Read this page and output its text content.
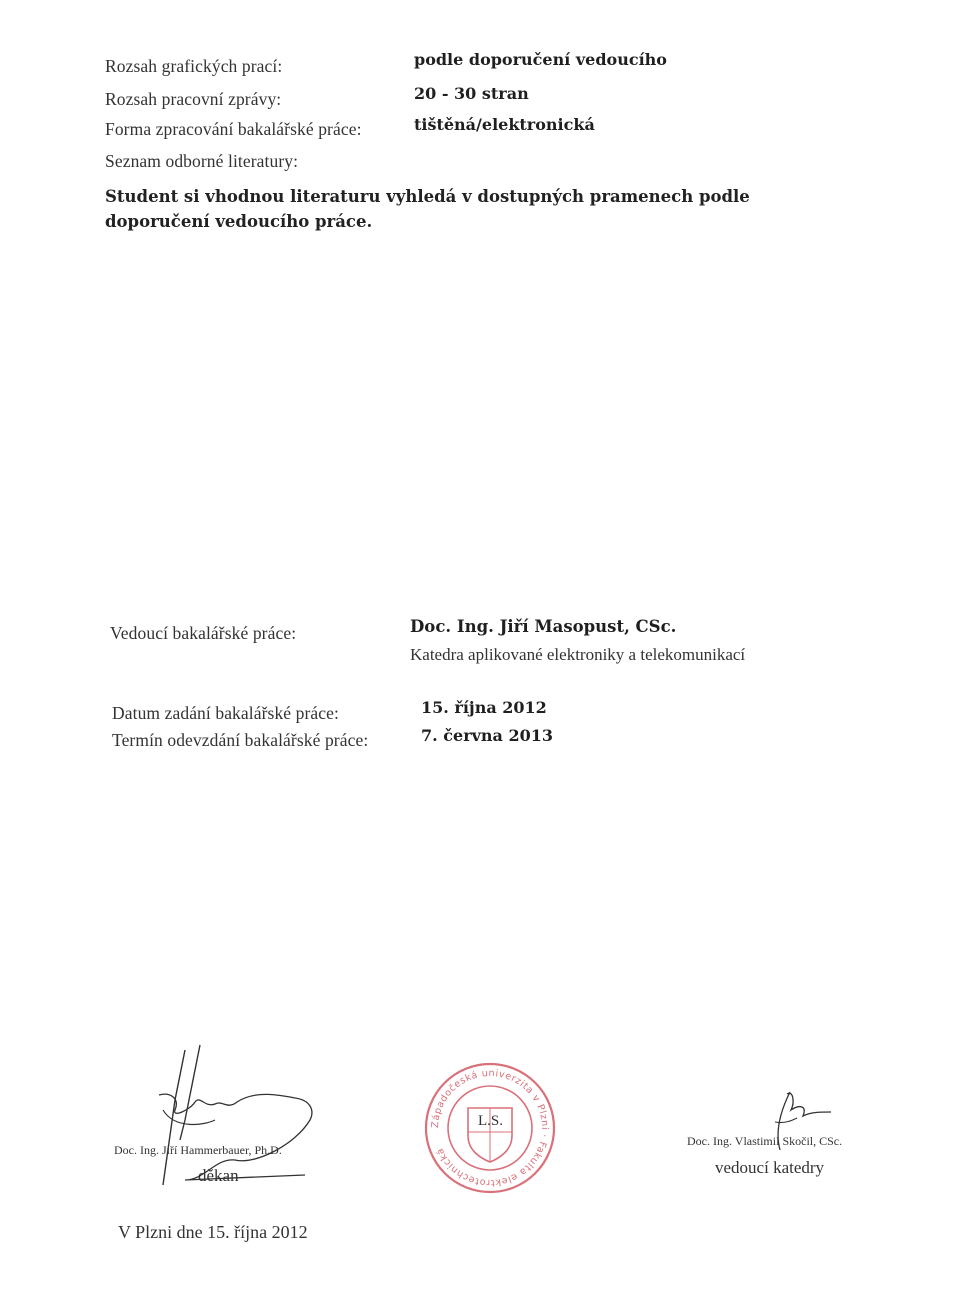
Rozsah grafických prací:	podle doporučení vedoucího
Rozsah pracovní zprávy:	20 - 30 stran
Forma zpracování bakalářské práce:	tištěná/elektronická
Seznam odborné literatury:
Student si vhodnou literaturu vyhledá v dostupných pramenech podle
doporučení vedoucího práce.
Vedoucí bakalářské práce:	Doc. Ing. Jiří Masopust, CSc.
Katedra aplikované elektroniky a telekomunikací
Datum zadání bakalářské práce:	15. října 2012
Termín odevzdání bakalářské práce:	7. června 2013
Doc. Ing. Jiří Hammerbauer, Ph.D.
děkan
Západočeská univerzita v Plzni · Fakulta elektrotechnická
L.S.
Doc. Ing. Vlastimil Skočil, CSc.
vedoucí katedry
V Plzni dne 15. října 2012
